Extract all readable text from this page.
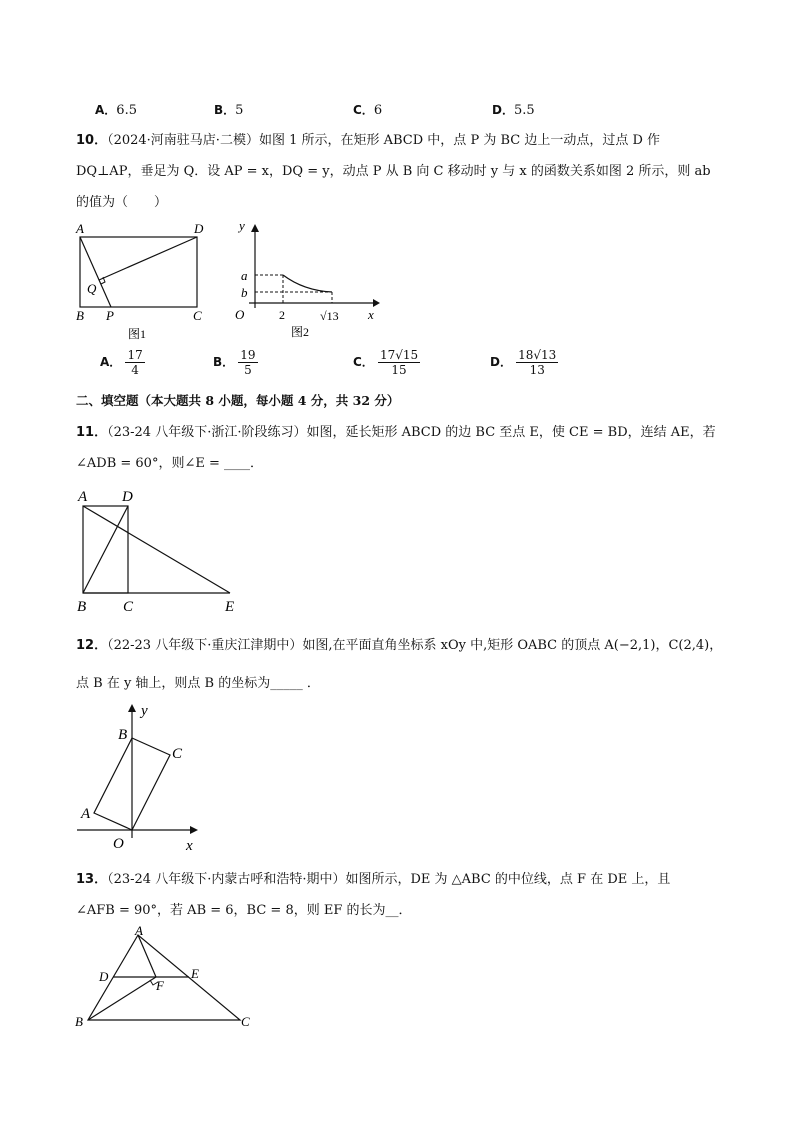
A．6.5	B．5	C．6	D．5.5
10．（2024·河南驻马店·二模）如图 1 所示，在矩形 ABCD 中，点 P 为 BC 边上一动点，过点 D 作
DQ⊥AP，垂足为 Q．设 AP = x，DQ = y，动点 P 从 B 向 C 移动时 y 与 x 的函数关系如图 2 所示，则 ab
的值为（　　）
A	D
Q
B P	C
图1
y
x
a
b
O	2	√13
图2
A． $\frac{17}{4}$	B． $\frac{19}{5}$	C． $\frac{17√15}{15}$	D． $\frac{18√13}{13}$
二、填空题（本大题共 8 小题，每小题 4 分，共 32 分）
11．（23-24 八年级下·浙江·阶段练习）如图，延长矩形 ABCD 的边 BC 至点 E，使 CE = BD，连结 AE，若
∠ADB = 60°，则∠E = ____．
A D
B C	E
12．（22-23 八年级下·重庆江津期中）如图,在平面直角坐标系 xOy 中,矩形 OABC 的顶点 A(−2,1)，C(2,4)，
点 B 在 y 轴上，则点 B 的坐标为_____ ．
y
x
B
C
A
O
13．（23-24 八年级下·内蒙古呼和浩特·期中）如图所示，DE 为 △ABC 的中位线，点 F 在 DE 上，且
∠AFB = 90°，若 AB = 6，BC = 8，则 EF 的长为__．
A
D	E
F
B	C
